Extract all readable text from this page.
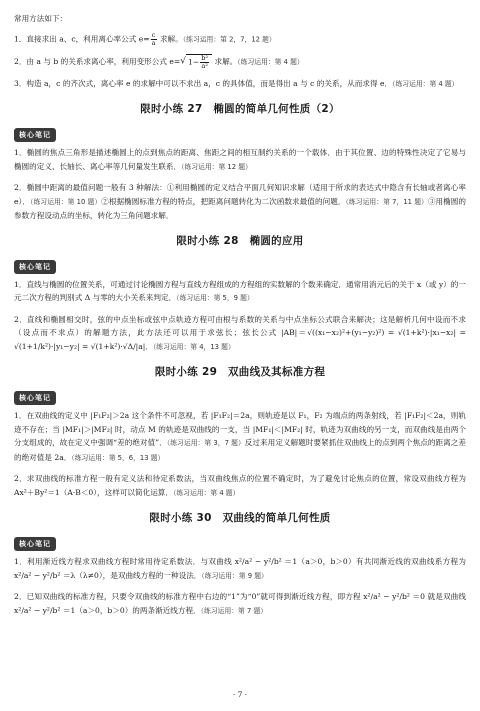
常用方法如下：
1．直接求出 a、c，利用离心率公式 $e= \frac{c}{a}$ 求解。（练习运用：第 2，7，12 题）
2．由 a 与 b 的关系求离心率，利用变形公式 e=√ $1- \frac{\text{b²}}{\text{a²}}$ 求解。（练习运用：第 4 题）
3．构造 a，c 的齐次式，离心率 e 的求解中可以不求出 a，c 的具体值，而是得出 a 与 c 的关系，从而求得 e．（练习运用：第 4 题）
限时小练 27　椭圆的简单几何性质（2）
核心笔记
1．椭圆的焦点三角形是描述椭圆上的点到焦点的距离、焦距之间的相互制约关系的一个载体．由于其位置、边的特殊性决定了它易与椭圆的定义、长轴长、离心率等几何量发生联系．（练习运用：第 12 题）
2．椭圆中距离的最值问题一般有 3 种解法：①利用椭圆的定义结合平面几何知识求解（适用于所求的表达式中隐含有长轴或者离心率 e）．（练习运用：第 10 题）②根据椭圆标准方程的特点，把距离问题转化为二次函数求最值的问题．（练习运用：第 7，11 题）③用椭圆的参数方程设动点的坐标，转化为三角问题求解．
限时小练 28　椭圆的应用
核心笔记
1．直线与椭圆的位置关系，可通过讨论椭圆方程与直线方程组成的方程组的实数解的个数来确定．通常用消元后的关于 x（或 y）的一元二次方程的判别式 Δ 与零的大小关系来判定．（练习运用：第 5，9 题）
2．直线和椭圆相交时，弦的中点坐标或弦中点轨迹方程可由根与系数的关系与中点坐标公式联合来解决；这是解析几何中设而不求（设点而不求点）的解题方法，此方法还可以用于求弦长；弦长公式 |AB|＝√((x₁−x₂)²+(y₁−y₂)²) = √(1+k²)·|x₁−x₂| = √(1+1/k²)·|y₁−y₂| = √(1+k²)·√Δ/|a|．（练习运用：第 4，13 题）
限时小练 29　双曲线及其标准方程
核心笔记
1．在双曲线的定义中 |F₁F₂|＞2a 这个条件不可忽视，若 |F₁F₂|＝2a，则轨迹是以 F₁，F₂ 为端点的两条射线，若 |F₁F₂|＜2a，则轨迹不存在；当 |MF₁|＞|MF₂| 时，动点 M 的轨迹是双曲线的一支，当 |MF₁|＜|MF₂| 时，轨迹为双曲线的另一支，而双曲线是由两个分支组成的，故在定义中强调“差的绝对值”．（练习运用：第 3，7 题）反过来用定义解题时要紧抓住双曲线上的点到两个焦点的距离之差的绝对值是 2a．（练习运用：第 5，6，13 题）
2．求双曲线的标准方程一般有定义法和待定系数法，当双曲线焦点的位置不确定时，为了避免讨论焦点的位置，常设双曲线方程为 Ax²＋By²＝1（A·B＜0），这样可以简化运算．（练习运用：第 4 题）
限时小练 30　双曲线的简单几何性质
核心笔记
1．利用渐近线方程求双曲线方程时常用待定系数法．与双曲线 x²/a² − y²/b² ＝1（a＞0，b＞0）有共同渐近线的双曲线系方程为 x²/a² − y²/b² ＝λ（λ≠0），是双曲线方程的一种设法．（练习运用：第 9 题）
2．已知双曲线的标准方程，只要令双曲线的标准方程中右边的“1”为“0”就可得到渐近线方程，即方程 x²/a² − y²/b² ＝0 就是双曲线 x²/a² − y²/b² ＝1（a＞0，b＞0）的两条渐近线方程．（练习运用：第 7 题）
· 7 ·
